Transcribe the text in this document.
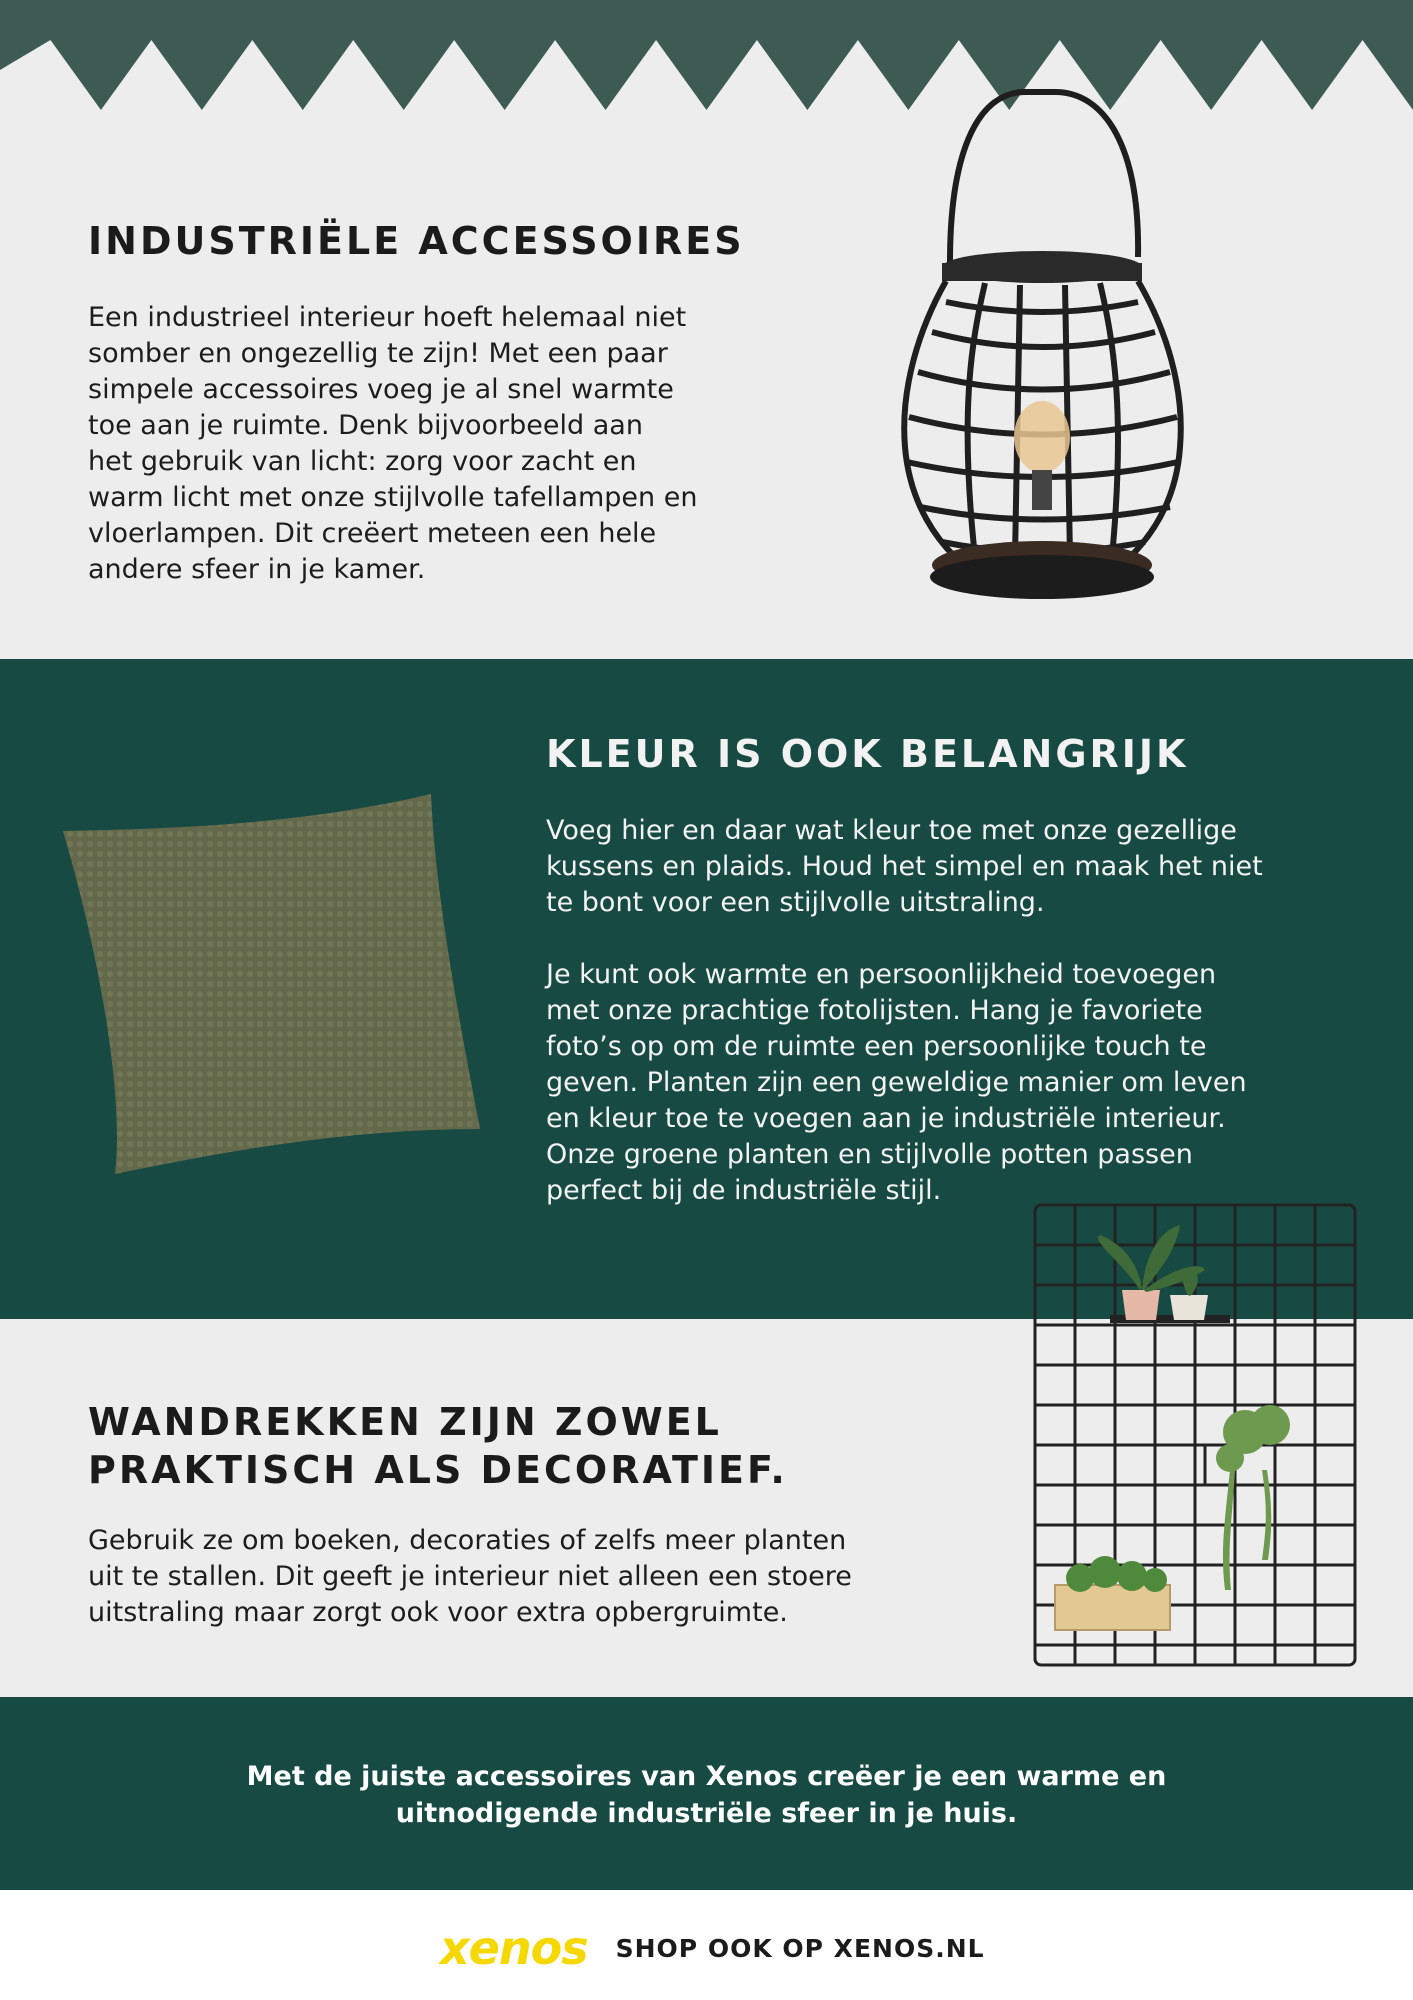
INDUSTRIËLE ACCESSOIRES
Een industrieel interieur hoeft helemaal niet
somber en ongezellig te zijn! Met een paar
simpele accessoires voeg je al snel warmte
toe aan je ruimte. Denk bijvoorbeeld aan
het gebruik van licht: zorg voor zacht en
warm licht met onze stijlvolle tafellampen en
vloerlampen. Dit creëert meteen een hele
andere sfeer in je kamer.
KLEUR IS OOK BELANGRIJK
Voeg hier en daar wat kleur toe met onze gezellige
kussens en plaids. Houd het simpel en maak het niet
te bont voor een stijlvolle uitstraling.

Je kunt ook warmte en persoonlijkheid toevoegen
met onze prachtige fotolijsten. Hang je favoriete
foto’s op om de ruimte een persoonlijke touch te
geven. Planten zijn een geweldige manier om leven
en kleur toe te voegen aan je industriële interieur.
Onze groene planten en stijlvolle potten passen
perfect bij de industriële stijl.
WANDREKKEN ZIJN ZOWEL
PRAKTISCH ALS DECORATIEF.
Gebruik ze om boeken, decoraties of zelfs meer planten
uit te stallen. Dit geeft je interieur niet alleen een stoere
uitstraling maar zorgt ook voor extra opbergruimte.
Met de juiste accessoires van Xenos creëer je een warme en
uitnodigende industriële sfeer in je huis.
xenos SHOP OOK OP XENOS.NL
